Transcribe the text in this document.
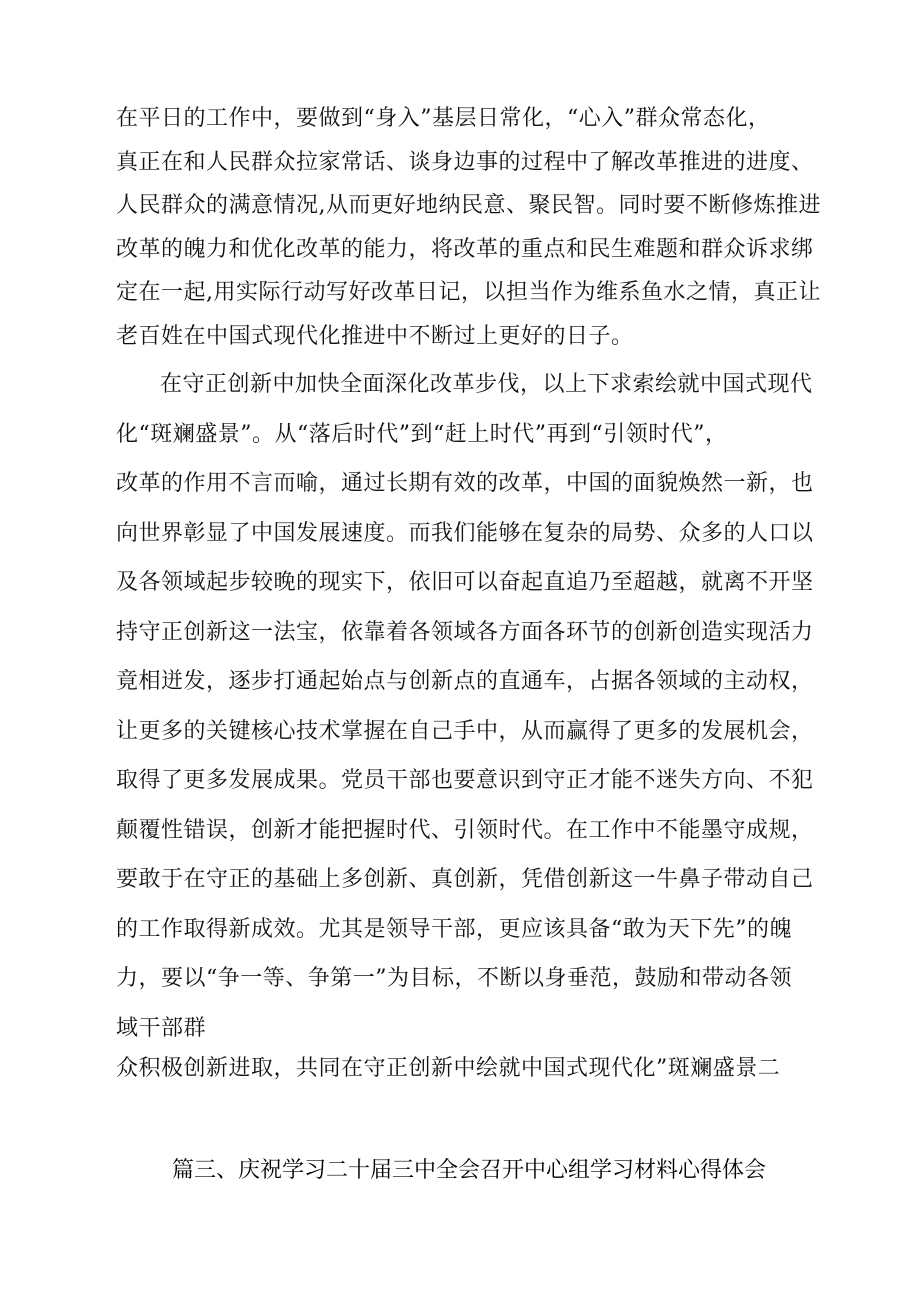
在平日的工作中，要做到“身入”基层日常化，“心入”群众常态化，
真正在和人民群众拉家常话、谈身边事的过程中了解改革推进的进度、
人民群众的满意情况,从而更好地纳民意、聚民智。同时要不断修炼推进
改革的魄力和优化改革的能力，将改革的重点和民生难题和群众诉求绑
定在一起,用实际行动写好改革日记，以担当作为维系鱼水之情，真正让
老百姓在中国式现代化推进中不断过上更好的日子。
在守正创新中加快全面深化改革步伐，以上下求索绘就中国式现代
化“斑斓盛景”。从“落后时代”到“赶上时代”再到“引领时代”，
改革的作用不言而喻，通过长期有效的改革，中国的面貌焕然一新，也
向世界彰显了中国发展速度。而我们能够在复杂的局势、众多的人口以
及各领域起步较晚的现实下，依旧可以奋起直追乃至超越，就离不开坚
持守正创新这一法宝，依靠着各领域各方面各环节的创新创造实现活力
竟相迸发，逐步打通起始点与创新点的直通车，占据各领域的主动权，
让更多的关键核心技术掌握在自己手中，从而赢得了更多的发展机会，
取得了更多发展成果。党员干部也要意识到守正才能不迷失方向、不犯
颠覆性错误，创新才能把握时代、引领时代。在工作中不能墨守成规，
要敢于在守正的基础上多创新、真创新，凭借创新这一牛鼻子带动自己
的工作取得新成效。尤其是领导干部，更应该具备“敢为天下先”的魄
力，要以“争一等、争第一”为目标，不断以身垂范，鼓励和带动各领
域干部群
众积极创新进取，共同在守正创新中绘就中国式现代化”斑斓盛景二
篇三、庆祝学习二十届三中全会召开中心组学习材料心得体会
